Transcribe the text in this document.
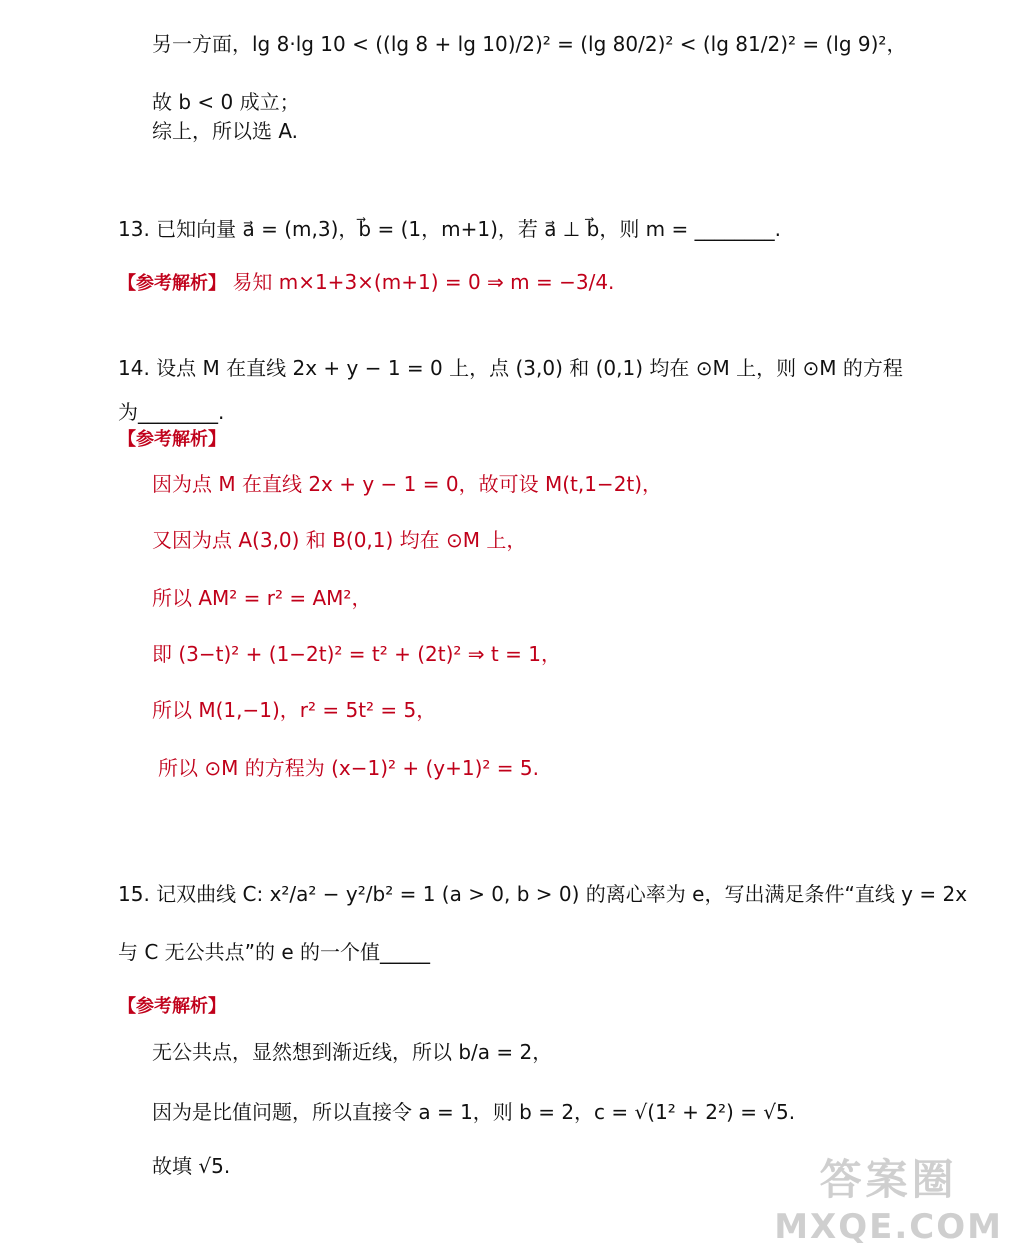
另一方面，lg 8·lg 10 < ((lg 8 + lg 10)/2)² = (lg 80/2)² < (lg 81/2)² = (lg 9)²，
故 b < 0 成立；
综上，所以选 A.
13. 已知向量 a⃗ = (m,3)，b⃗ = (1，m+1)，若 a⃗ ⊥ b⃗，则 m = ________.
【参考解析】 易知 m×1+3×(m+1) = 0 ⇒ m = −3/4.
14. 设点 M 在直线 2x + y − 1 = 0 上，点 (3,0) 和 (0,1) 均在 ⊙M 上，则 ⊙M 的方程
为________.
【参考解析】
因为点 M 在直线 2x + y − 1 = 0，故可设 M(t,1−2t)，
又因为点 A(3,0) 和 B(0,1) 均在 ⊙M 上，
所以 AM² = r² = AM²，
即 (3−t)² + (1−2t)² = t² + (2t)² ⇒ t = 1，
所以 M(1,−1)，r² = 5t² = 5，
所以 ⊙M 的方程为 (x−1)² + (y+1)² = 5.
15. 记双曲线 C: x²/a² − y²/b² = 1 (a > 0, b > 0) 的离心率为 e，写出满足条件“直线 y = 2x
与 C 无公共点”的 e 的一个值_____
【参考解析】
无公共点，显然想到渐近线，所以 b/a = 2，
因为是比值问题，所以直接令 a = 1，则 b = 2，c = √(1² + 2²) = √5.
故填 √5.	答案圈
MXQE.COM
